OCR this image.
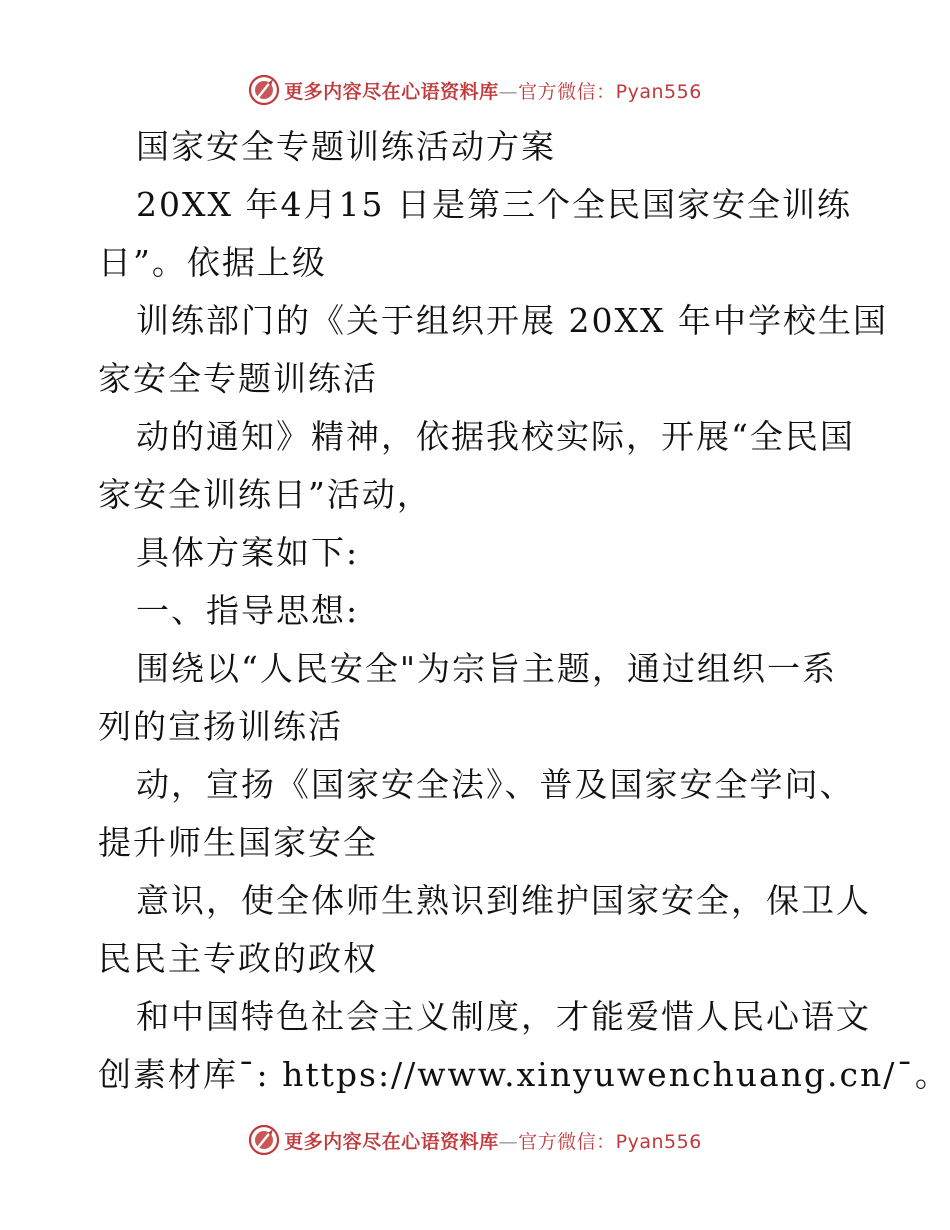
更多内容尽在心语资料库—官方微信：Pyan556
国家安全专题训练活动方案
20XX 年4月15 日是第三个全民国家安全训练
日”。依据上级
训练部门的《关于组织开展 20XX 年中学校生国
家安全专题训练活
动的通知》精神，依据我校实际，开展“全民国
家安全训练日”活动，
具体方案如下:
一、指导思想:
围绕以“人民安全"为宗旨主题，通过组织一系
列的宣扬训练活
动，宣扬《国家安全法》、普及国家安全学问、
提升师生国家安全
意识，使全体师生熟识到维护国家安全，保卫人
民民主专政的政权
和中国特色社会主义制度，才能爱惜人民心语文
创素材库¯: https://www.xinyuwenchuang.cn/¯。
更多内容尽在心语资料库—官方微信：Pyan556
